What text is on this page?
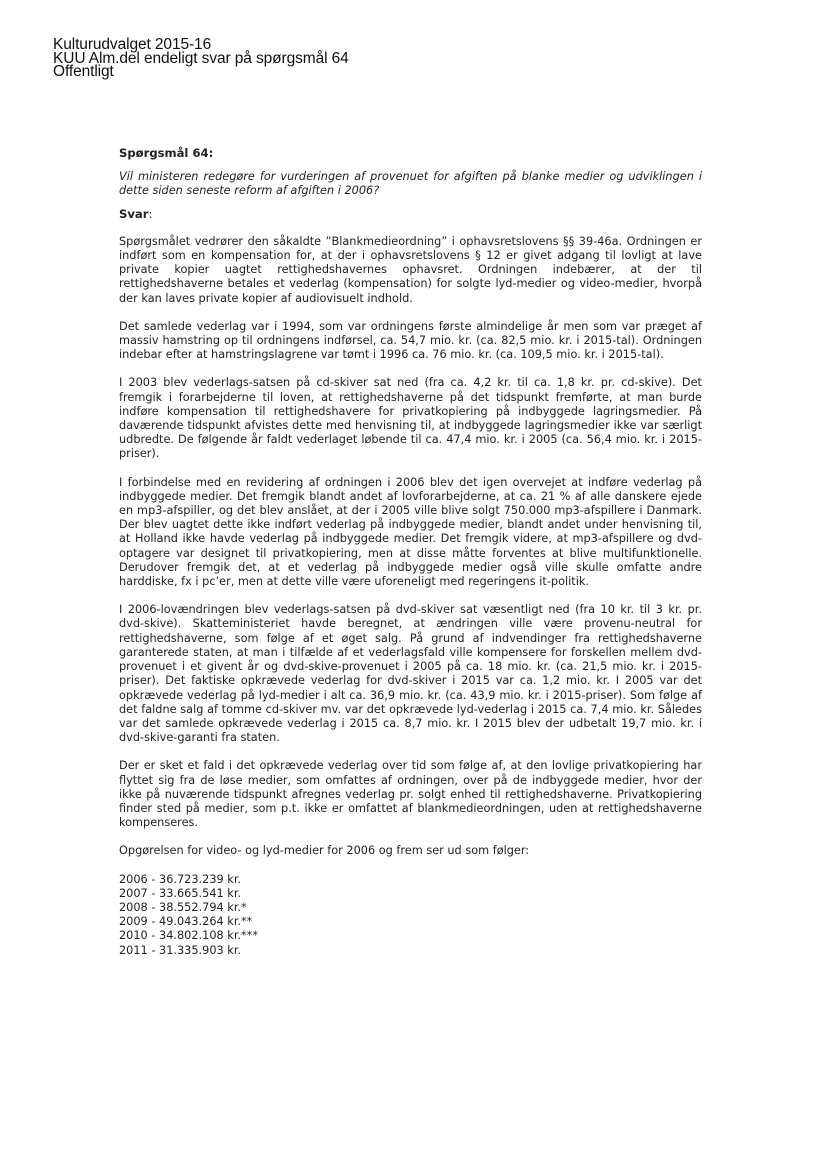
Kulturudvalget 2015-16
KUU Alm.del endeligt svar på spørgsmål 64
Offentligt
Spørgsmål 64:
Vil ministeren redegøre for vurderingen af provenuet for afgiften på blanke medier og udviklingen i dette siden seneste reform af afgiften i 2006?
Svar:

Spørgsmålet vedrører den såkaldte ”Blankmedieordning” i ophavsretslovens §§ 39-46a. Ordningen er indført som en kompensation for, at der i ophavsretslovens § 12 er givet adgang til lovligt at lave private kopier uagtet rettighedshavernes ophavsret. Ordningen indebærer, at der til rettighedshaverne betales et vederlag (kompensation) for solgte lyd-medier og video-medier, hvorpå der kan laves private kopier af audiovisuelt indhold.

Det samlede vederlag var i 1994, som var ordningens første almindelige år men som var præget af massiv hamstring op til ordningens indførsel, ca. 54,7 mio. kr. (ca. 82,5 mio. kr. i 2015-tal). Ordningen indebar efter at hamstringslagrene var tømt i 1996 ca. 76 mio. kr. (ca. 109,5 mio. kr. i 2015-tal).

I 2003 blev vederlags-satsen på cd-skiver sat ned (fra ca. 4,2 kr. til ca. 1,8 kr. pr. cd-skive). Det fremgik i forarbejderne til loven, at rettighedshaverne på det tidspunkt fremførte, at man burde indføre kompensation til rettighedshavere for privatkopiering på indbyggede lagringsmedier. På daværende tidspunkt afvistes dette med henvisning til, at indbyggede lagringsmedier ikke var særligt udbredte. De følgende år faldt vederlaget løbende til ca. 47,4 mio. kr. i 2005 (ca. 56,4 mio. kr. i 2015-priser).

I forbindelse med en revidering af ordningen i 2006 blev det igen overvejet at indføre vederlag på indbyggede medier. Det fremgik blandt andet af lovforarbejderne, at ca. 21 % af alle danskere ejede en mp3-afspiller, og det blev anslået, at der i 2005 ville blive solgt 750.000 mp3-afspillere i Danmark. Der blev uagtet dette ikke indført vederlag på indbyggede medier, blandt andet under henvisning til, at Holland ikke havde vederlag på indbyggede medier. Det fremgik videre, at mp3-afspillere og dvd-optagere var designet til privatkopiering, men at disse måtte forventes at blive multifunktionelle. Derudover fremgik det, at et vederlag på indbyggede medier også ville skulle omfatte andre harddiske, fx i pc’er, men at dette ville være uforeneligt med regeringens it-politik.

I 2006-lovændringen blev vederlags-satsen på dvd-skiver sat væsentligt ned (fra 10 kr. til 3 kr. pr. dvd-skive). Skatteministeriet havde beregnet, at ændringen ville være provenu-neutral for rettighedshaverne, som følge af et øget salg. På grund af indvendinger fra rettighedshaverne garanterede staten, at man i tilfælde af et vederlagsfald ville kompensere for forskellen mellem dvd-provenuet i et givent år og dvd-skive-provenuet i 2005 på ca. 18 mio. kr. (ca. 21,5 mio. kr. i 2015-priser). Det faktiske opkrævede vederlag for dvd-skiver i 2015 var ca. 1,2 mio. kr. I 2005 var det opkrævede vederlag på lyd-medier i alt ca. 36,9 mio. kr. (ca. 43,9 mio. kr. i 2015-priser). Som følge af det faldne salg af tomme cd-skiver mv. var det opkrævede lyd-vederlag i 2015 ca. 7,4 mio. kr. Således var det samlede opkrævede vederlag i 2015 ca. 8,7 mio. kr. I 2015 blev der udbetalt 19,7 mio. kr. i dvd-skive-garanti fra staten.

Der er sket et fald i det opkrævede vederlag over tid som følge af, at den lovlige privatkopiering har flyttet sig fra de løse medier, som omfattes af ordningen, over på de indbyggede medier, hvor der ikke på nuværende tidspunkt afregnes vederlag pr. solgt enhed til rettighedshaverne. Privatkopiering finder sted på medier, som p.t. ikke er omfattet af blankmedieordningen, uden at rettighedshaverne kompenseres.

Opgørelsen for video- og lyd-medier for 2006 og frem ser ud som følger:
2006 - 36.723.239 kr.
2007 - 33.665.541 kr.
2008 - 38.552.794 kr.*
2009 - 49.043.264 kr.**
2010 - 34.802.108 kr.***
2011 - 31.335.903 kr.
